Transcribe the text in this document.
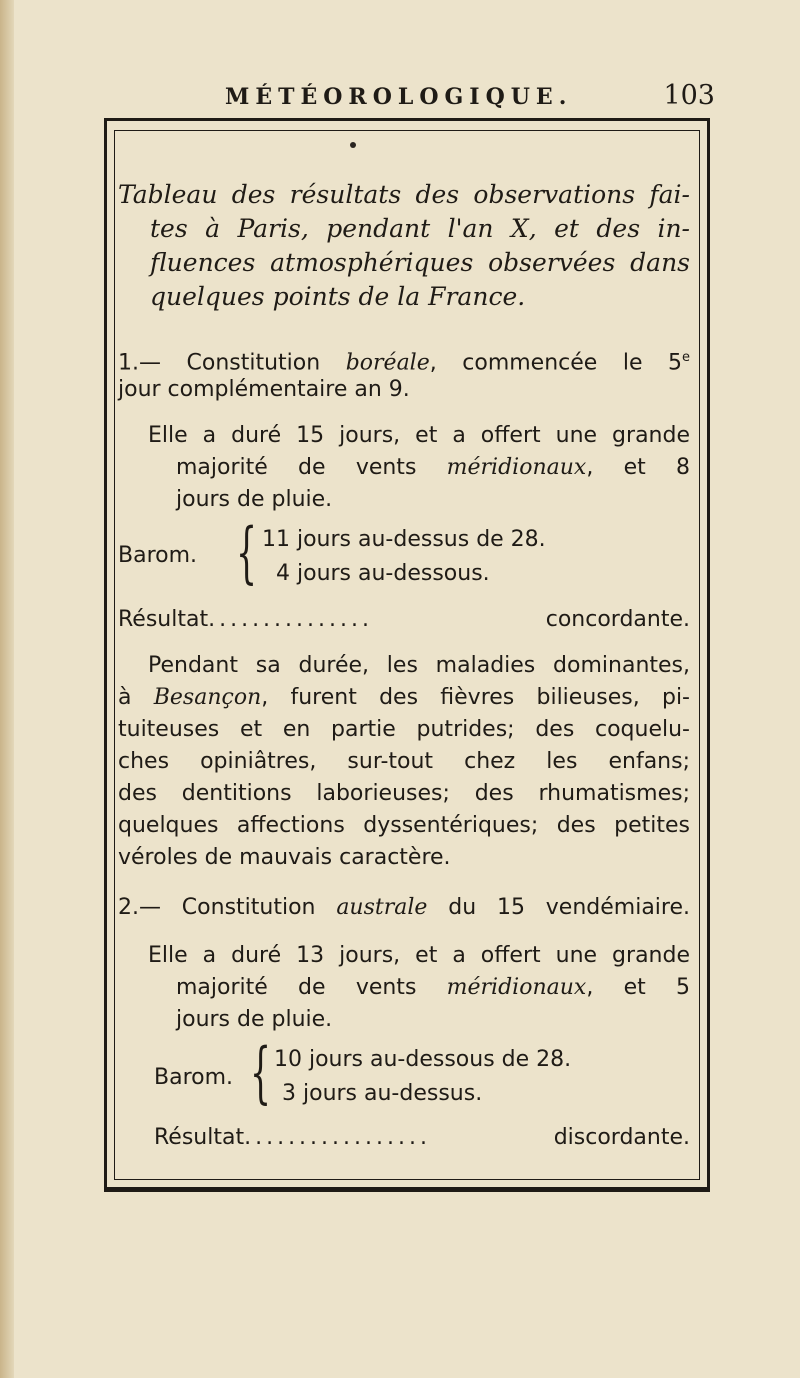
MÉTÉOROLOGIQUE.	103
Tableau des résultats des observations fai-
tes à Paris, pendant l'an X, et des in-
fluences atmosphériques observées dans
quelques points de la France.
1.— Constitution boréale, commencée le 5e
jour complémentaire an 9.
Elle a duré 15 jours, et a offert une grande
majorité de vents méridionaux, et 8
jours de pluie.
Barom. { 11 jours au-dessus de 28.
4 jours au-dessous.
Résultat...............	concordante.
Pendant sa durée, les maladies dominantes,
à Besançon, furent des fièvres bilieuses, pi-
tuiteuses et en partie putrides; des coquelu-
ches opiniâtres, sur-tout chez les enfans;
des dentitions laborieuses; des rhumatismes;
quelques affections dyssentériques; des petites
véroles de mauvais caractère.
2.— Constitution australe du 15 vendémiaire.
Elle a duré 13 jours, et a offert une grande
majorité de vents méridionaux, et 5
jours de pluie.
Barom. { 10 jours au-dessous de 28.
3 jours au-dessus.
Résultat.................	discordante.
